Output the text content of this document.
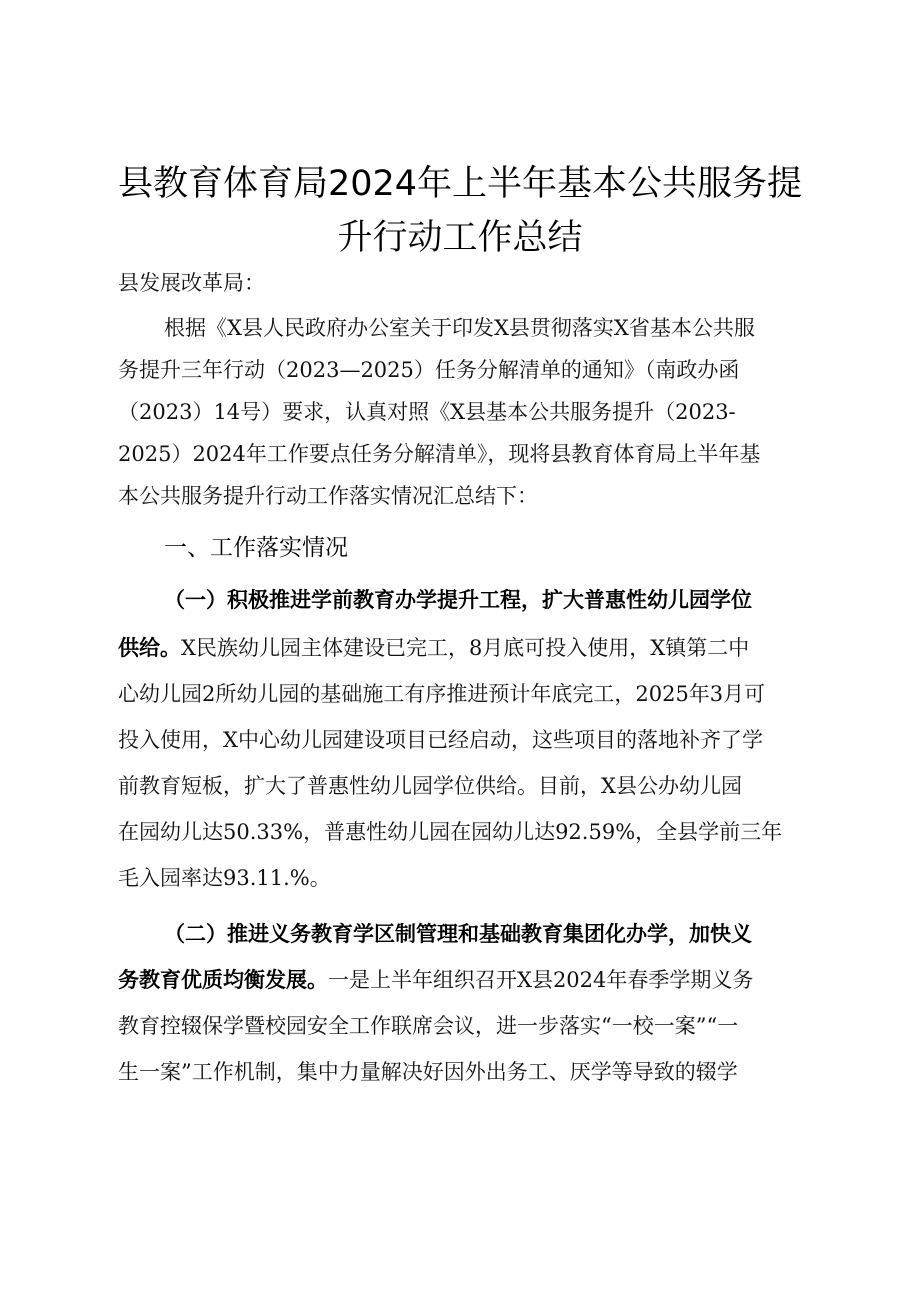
县教育体育局2024年上半年基本公共服务提
升行动工作总结
县发展改革局：
根据《X县人民政府办公室关于印发X县贯彻落实X省基本公共服
务提升三年行动（2023—2025）任务分解清单的通知》（南政办函
（2023）14号）要求，认真对照《X县基本公共服务提升（2023-
2025）2024年工作要点任务分解清单》，现将县教育体育局上半年基
本公共服务提升行动工作落实情况汇总结下：
一、工作落实情况
（一）积极推进学前教育办学提升工程，扩大普惠性幼儿园学位
供给。X民族幼儿园主体建设已完工，8月底可投入使用，X镇第二中
心幼儿园2所幼儿园的基础施工有序推进预计年底完工，2025年3月可
投入使用，X中心幼儿园建设项目已经启动，这些项目的落地补齐了学
前教育短板，扩大了普惠性幼儿园学位供给。目前，X县公办幼儿园
在园幼儿达50.33%，普惠性幼儿园在园幼儿达92.59%，全县学前三年
毛入园率达93.11.%。
（二）推进义务教育学区制管理和基础教育集团化办学，加快义
务教育优质均衡发展。一是上半年组织召开X县2024年春季学期义务
教育控辍保学暨校园安全工作联席会议，进一步落实“一校一案”“一
生一案”工作机制，集中力量解决好因外出务工、厌学等导致的辍学
